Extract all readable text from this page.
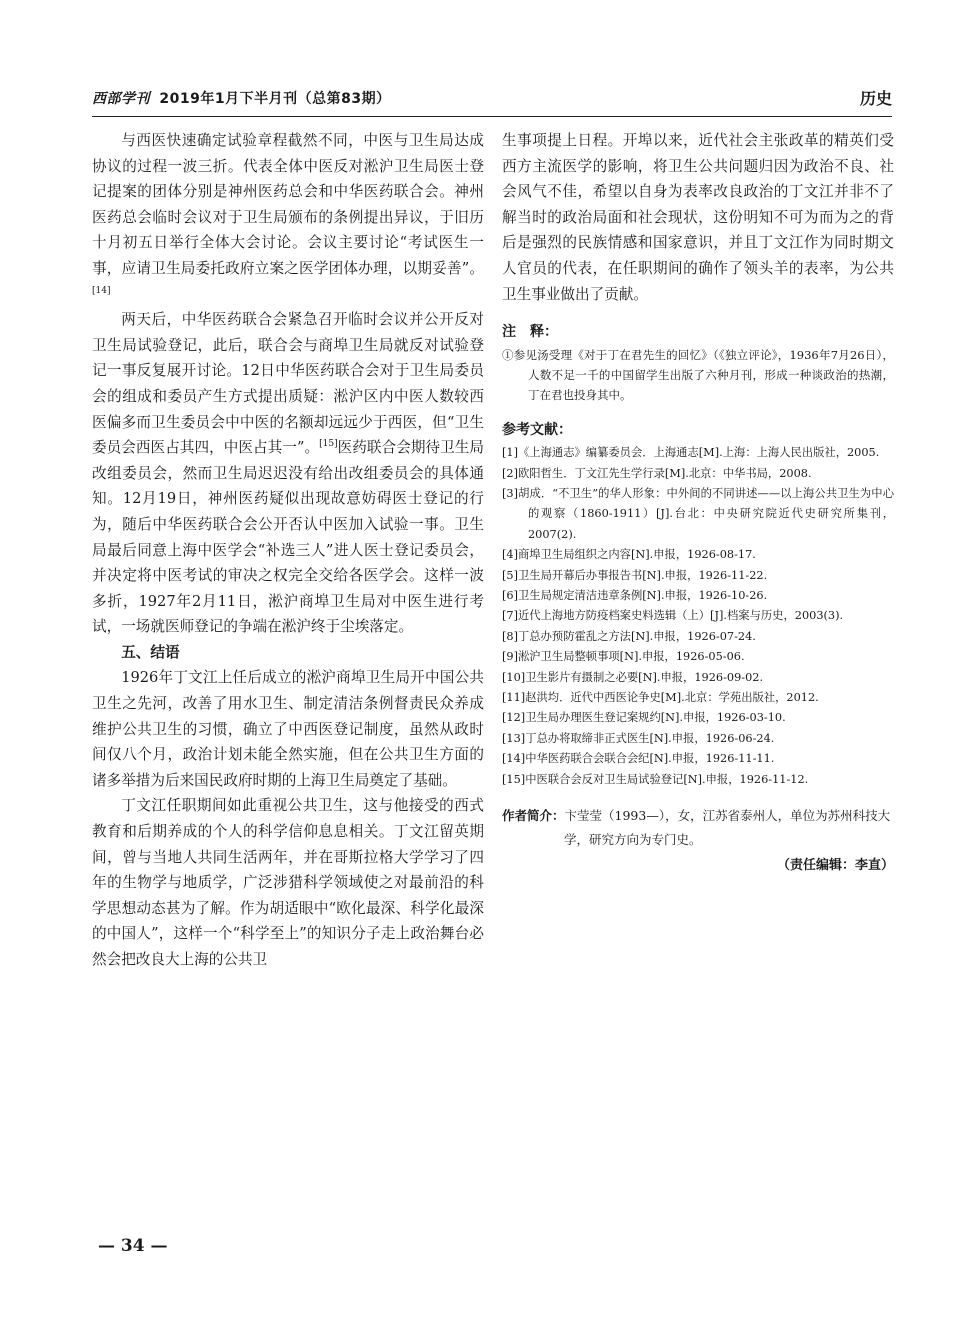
西部学刊 2019年1月下半月刊（总第83期）	历史

与西医快速确定试验章程截然不同，中医与卫生局达成协议的过程一波三折。代表全体中医反对淞沪卫生局医士登记提案的团体分别是神州医药总会和中华医药联合会。神州医药总会临时会议对于卫生局颁布的条例提出异议，于旧历十月初五日举行全体大会讨论。会议主要讨论“考试医生一事，应请卫生局委托政府立案之医学团体办理，以期妥善”。[14]

两天后，中华医药联合会紧急召开临时会议并公开反对卫生局试验登记，此后，联合会与商埠卫生局就反对试验登记一事反复展开讨论。12日中华医药联合会对于卫生局委员会的组成和委员产生方式提出质疑：淞沪区内中医人数较西医偏多而卫生委员会中中医的名额却远远少于西医，但“卫生委员会西医占其四，中医占其一”。[15]医药联合会期待卫生局改组委员会，然而卫生局迟迟没有给出改组委员会的具体通知。12月19日，神州医药疑似出现故意妨碍医士登记的行为，随后中华医药联合会公开否认中医加入试验一事。卫生局最后同意上海中医学会“补选三人”进人医士登记委员会，并决定将中医考试的审决之权完全交给各医学会。这样一波多折，1927年2月11日，淞沪商埠卫生局对中医生进行考试，一场就医师登记的争端在淞沪终于尘埃落定。

五、结语

1926年丁文江上任后成立的淞沪商埠卫生局开中国公共卫生之先河，改善了用水卫生、制定清洁条例督责民众养成维护公共卫生的习惯，确立了中西医登记制度，虽然从政时间仅八个月，政治计划未能全然实施，但在公共卫生方面的诸多举措为后来国民政府时期的上海卫生局奠定了基础。

丁文江任职期间如此重视公共卫生，这与他接受的西式教育和后期养成的个人的科学信仰息息相关。丁文江留英期间，曾与当地人共同生活两年，并在哥斯拉格大学学习了四年的生物学与地质学，广泛涉猎科学领域使之对最前沿的科学思想动态甚为了解。作为胡适眼中“欧化最深、科学化最深的中国人”，这样一个“科学至上”的知识分子走上政治舞台必然会把改良大上海的公共卫

生事项提上日程。开埠以来，近代社会主张政革的精英们受西方主流医学的影响，将卫生公共问题归因为政治不良、社会风气不佳，希望以自身为表率改良政治的丁文江并非不了解当时的政治局面和社会现状，这份明知不可为而为之的背后是强烈的民族情感和国家意识，并且丁文江作为同时期文人官员的代表，在任职期间的确作了领头羊的表率，为公共卫生事业做出了贡献。

注　释：

①参见汤受理《对于丁在君先生的回忆》（《独立评论》，1936年7月26日），人数不足一千的中国留学生出版了六种月刊，形成一种谈政治的热潮，丁在君也投身其中。

参考文献：

[1]《上海通志》编纂委员会．上海通志[M].上海：上海人民出版社，2005.

[2]欧阳哲生．丁文江先生学行录[M].北京：中华书局，2008.

[3]胡成．“不卫生”的华人形象：中外间的不同讲述——以上海公共卫生为中心的观察（1860-1911）[J].台北：中央研究院近代史研究所集刊，2007(2).

[4]商埠卫生局组织之内容[N].申报，1926-08-17.

[5]卫生局开幕后办事报告书[N].申报，1926-11-22.

[6]卫生局规定清洁违章条例[N].申报，1926-10-26.

[7]近代上海地方防疫档案史料选辑（上）[J].档案与历史，2003(3).

[8]丁总办预防霍乱之方法[N].申报，1926-07-24.

[9]淞沪卫生局整顿事项[N].申报，1926-05-06.

[10]卫生影片有摄制之必要[N].申报，1926-09-02.

[11]赵洪均．近代中西医论争史[M].北京：学苑出版社，2012.

[12]卫生局办理医生登记案规约[N].申报，1926-03-10.

[13]丁总办将取缔非正式医生[N].申报，1926-06-24.

[14]中华医药联合会联合会纪[N].申报，1926-11-11.

[15]中医联合会反对卫生局试验登记[N].申报，1926-11-12.

作者简介：卞莹莹（1993—），女，江苏省泰州人，单位为苏州科技大学，研究方向为专门史。

（责任编辑：李直）

— 34 —
